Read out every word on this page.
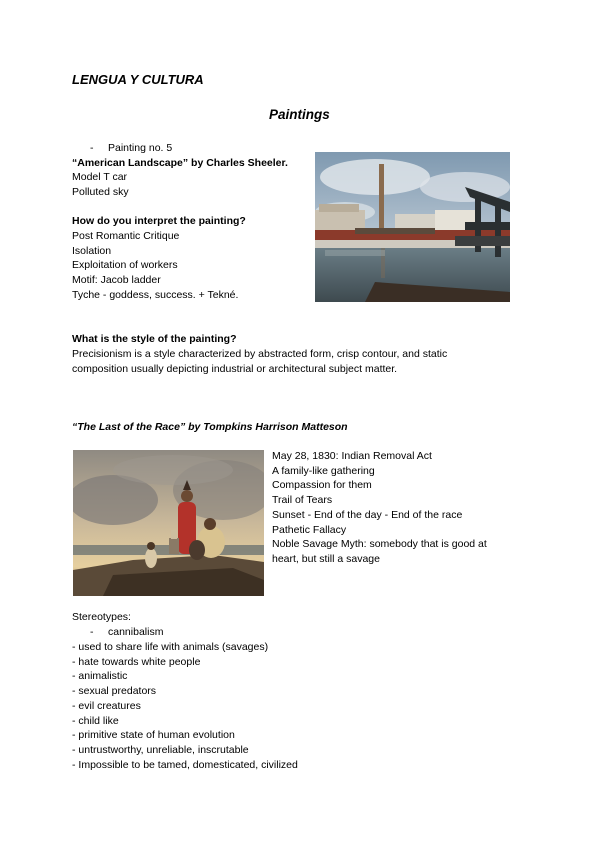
LENGUA Y CULTURA
Paintings
- Painting no. 5
“American Landscape” by Charles Sheeler.
Model T car
Polluted sky
How do you interpret the painting?
Post Romantic Critique
Isolation
Exploitation of workers
Motif: Jacob ladder
Tyche - goddess, success. + Tekné.
What is the style of the painting?
Precisionism is a style characterized by abstracted form, crisp contour, and static
composition usually depicting industrial or architectural subject matter.
“The Last of the Race” by Tompkins Harrison Matteson
May 28, 1830: Indian Removal Act
A family-like gathering
Compassion for them
Trail of Tears
Sunset - End of the day - End of the race
Pathetic Fallacy
Noble Savage Myth: somebody that is good at
heart, but still a savage
Stereotypes:
- cannibalism
- used to share life with animals (savages)
- hate towards white people
- animalistic
- sexual predators
- evil creatures
- child like
- primitive state of human evolution
- untrustworthy, unreliable, inscrutable
- Impossible to be tamed, domesticated, civilized
